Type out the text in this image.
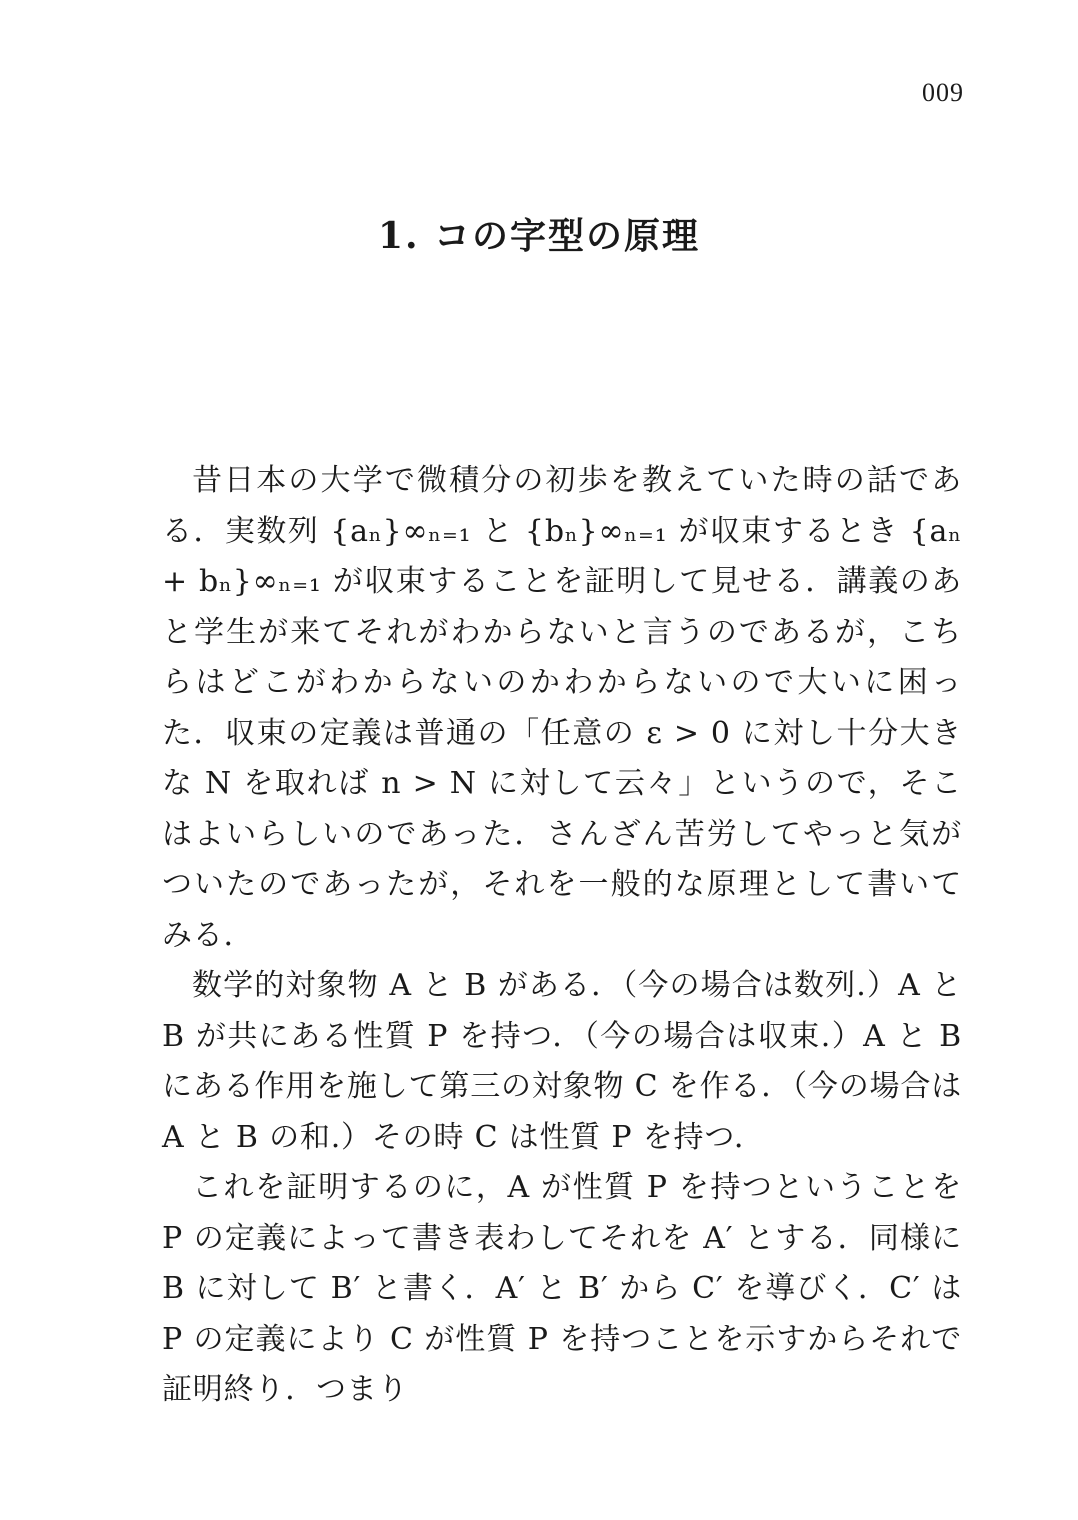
009
1. コの字型の原理

昔日本の大学で微積分の初歩を教えていた時の話である．実数列 {aₙ}∞ₙ₌₁ と {bₙ}∞ₙ₌₁ が収束するとき {aₙ + bₙ}∞ₙ₌₁ が収束することを証明して見せる．講義のあと学生が来てそれがわからないと言うのであるが，こちらはどこがわからないのかわからないので大いに困った．収束の定義は普通の「任意の ε > 0 に対し十分大きな N を取れば n > N に対して云々」というので，そこはよいらしいのであった．さんざん苦労してやっと気がついたのであったが，それを一般的な原理として書いてみる．

数学的対象物 A と B がある．（今の場合は数列.）A と B が共にある性質 P を持つ．（今の場合は収束.）A と B にある作用を施して第三の対象物 C を作る．（今の場合は A と B の和.）その時 C は性質 P を持つ．

これを証明するのに，A が性質 P を持つということを P の定義によって書き表わしてそれを A′ とする．同様に B に対して B′ と書く．A′ と B′ から C′ を導びく．C′ は P の定義により C が性質 P を持つことを示すからそれで証明終り．つまり
